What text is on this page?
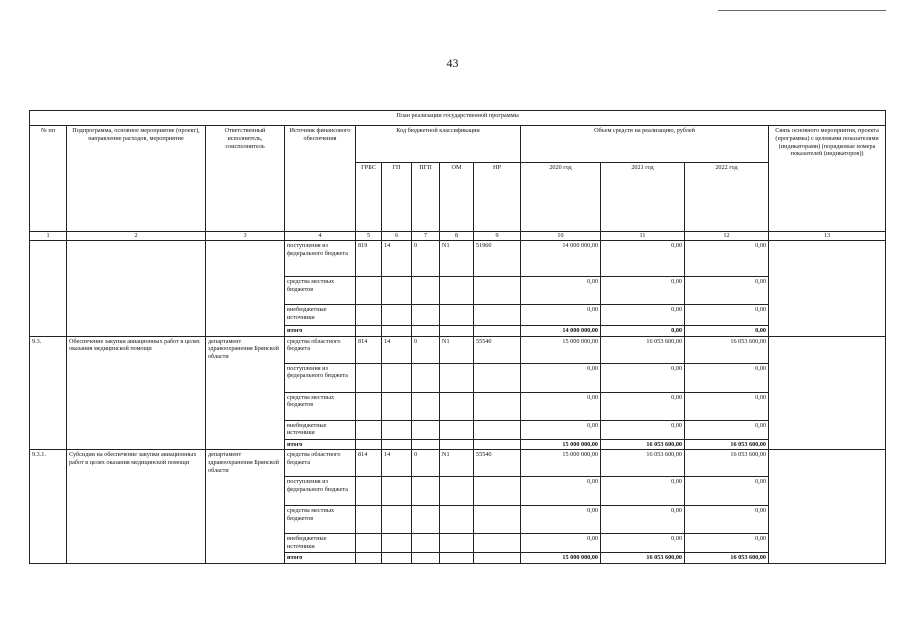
43
План реализации государственной программы												
№ пп	Подпрограмма, основное мероприятие (проект), направление расходов, мероприятие	Ответственный исполнитель, соисполнитель	Источник финансового обеспечения	Код бюджетной классификации					Объем средств на реализацию, рублей			Связь основного мероприятия, проекта (программы) с целевыми показателями (индикаторами) (порядковые номера показателей (индикаторов))
				ГРБС	ГП	ПГП	ОМ	НР	2020 год	2021 год	2022 год	
1	2	3	4	5	6	7	8	9	10	11	12	13
			поступления из федерального бюджета	819	14	0	N1	51960	14 000 000,00	0,00	0,00	
			средства местных бюджетов						0,00	0,00	0,00	
			внебюджетные источники						0,00	0,00	0,00	
			итого						14 000 000,00	0,00	0,00	
9.3.	Обеспечение закупки авиационных работ в целях оказания медицинской помощи	департамент здравоохранения Брянской области	средства областного бюджета	814	14	0	N1	55540	15 000 000,00	16 053 600,00	16 053 600,00	
			поступления из федерального бюджета						0,00	0,00	0,00	
			средства местных бюджетов						0,00	0,00	0,00	
			внебюджетные источники						0,00	0,00	0,00	
			итого						15 000 000,00	16 053 600,00	16 053 600,00	
9.3.1.	Субсидии на обеспечение закупки авиационных работ в целях оказания медицинской помощи	департамент здравоохранения Брянской области	средства областного бюджета	814	14	0	N1	55540	15 000 000,00	16 053 600,00	16 053 600,00	
			поступления из федерального бюджета						0,00	0,00	0,00	
			средства местных бюджетов						0,00	0,00	0,00	
			внебюджетные источники						0,00	0,00	0,00	
			итого						15 000 000,00	16 053 600,00	16 053 600,00	
